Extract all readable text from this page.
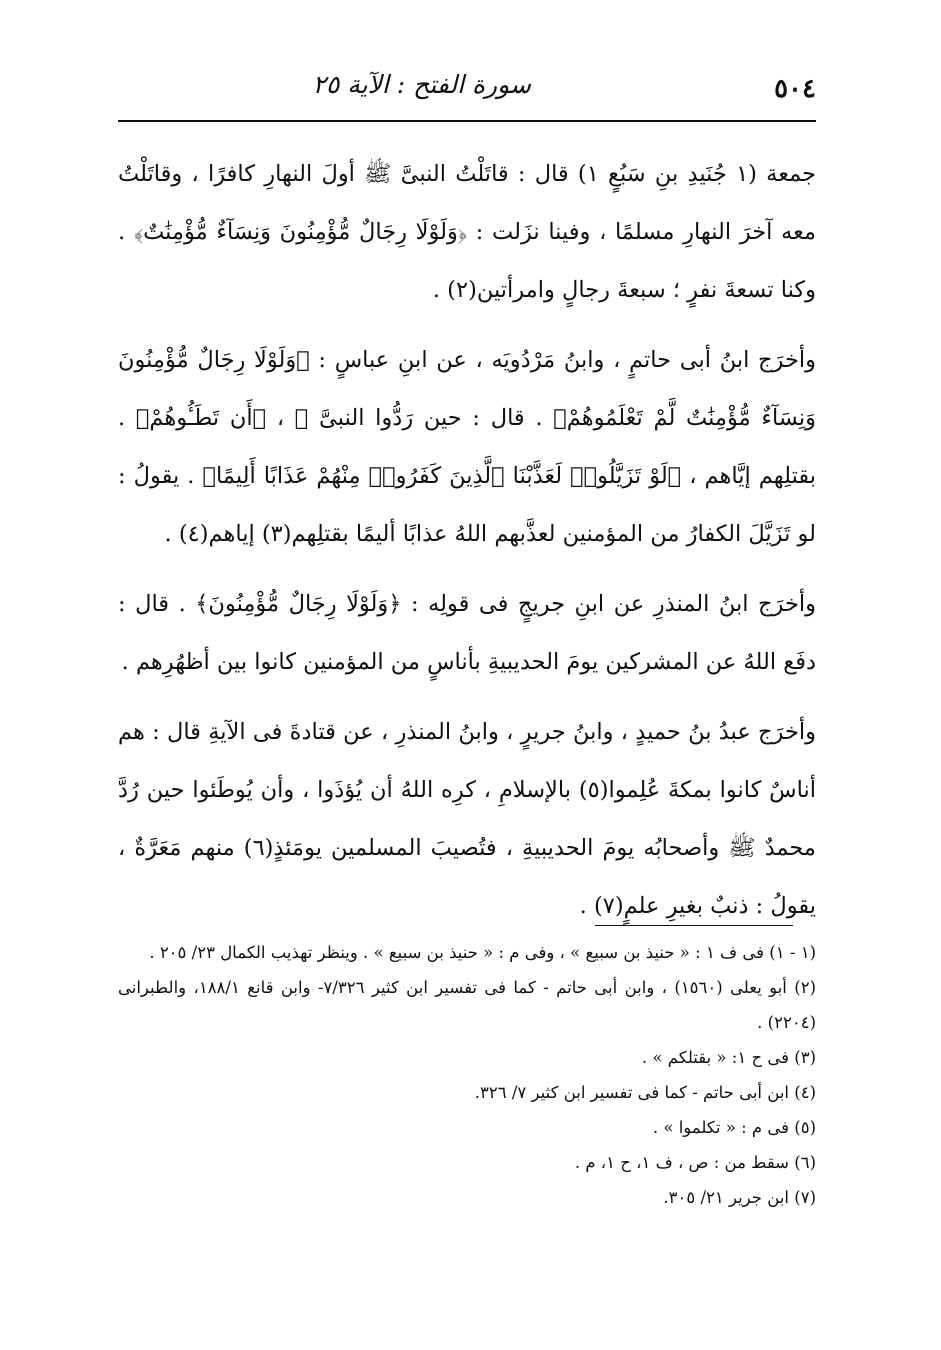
٥٠٤
سورة الفتح : الآية ٢٥

جمعة (١ جُنَيدِ بنِ سَبُعٍ ١) قال : قاتَلْتُ النبىَّ ﷺ أولَ النهارِ كافرًا ، وقاتَلْتُ معه آخرَ النهارِ مسلمًا ، وفينا نزَلت : ﴿وَلَوْلَا رِجَالٌ مُّؤْمِنُونَ وَنِسَآءٌ مُّؤْمِنَٰتٌ﴾ . وكنا تسعةَ نفرٍ ؛ سبعةَ رجالٍ وامرأتين(٢) .

وأخرَج ابنُ أبى حاتمٍ ، وابنُ مَرْدُويَه ، عن ابنِ عباسٍ : ﴿وَلَوْلَا رِجَالٌ مُّؤْمِنُونَ وَنِسَآءٌ مُّؤْمِنَٰتٌ لَّمْ تَعْلَمُوهُمْ﴾ . قال : حين رَدُّوا النبىَّ ﷺ ، ﴿أَن تَطَـُٔوهُمْ﴾ . بقتلِهم إيَّاهم ، ﴿لَوْ تَزَيَّلُوا۟ لَعَذَّبْنَا ٱلَّذِينَ كَفَرُوا۟ مِنْهُمْ عَذَابًا أَلِيمًا﴾ . يقولُ : لو تَزَيَّلَ الكفارُ من المؤمنين لعذَّبهم اللهُ عذابًا أليمًا بقتلِهم(٣) إياهم(٤) .

وأخرَج ابنُ المنذرِ عن ابنِ جريجٍ فى قولِه : ﴿وَلَوْلَا رِجَالٌ مُّؤْمِنُونَ﴾ . قال : دفَع اللهُ عن المشركين يومَ الحديبيةِ بأناسٍ من المؤمنين كانوا بين أظهُرِهم .

وأخرَج عبدُ بنُ حميدٍ ، وابنُ جريرٍ ، وابنُ المنذرِ ، عن قتادةَ فى الآيةِ قال : هم أناسٌ كانوا بمكةَ عُلِموا(٥) بالإسلامِ ، كرِه اللهُ أن يُؤذَوا ، وأن يُوطَئوا حين رُدَّ محمدٌ ﷺ وأصحابُه يومَ الحديبيةِ ، فتُصيبَ المسلمين يومَئذٍ(٦) منهم مَعَرَّةٌ ، يقولُ : ذنبٌ بغيرِ علمٍ(٧) .

(١ - ١) فى ف ١ : « حنيذ بن سبيع » ، وفى م : « حنيذ بن سبيع » . وينظر تهذيب الكمال ٢٣/ ٢٠٥ .

(٢) أبو يعلى (١٥٦٠) ، وابن أبى حاتم - كما فى تفسير ابن كثير ٧/٣٢٦- وابن قانع ١٨٨/١، والطبرانى (٢٢٠٤) .

(٣) فى ح ١: « بقتلكم » .

(٤) ابن أبى حاتم - كما فى تفسير ابن كثير ٧/ ٣٢٦.

(٥) فى م : « تكلموا » .

(٦) سقط من : ص ، ف ١، ح ١، م .

(٧) ابن جرير ٢١/ ٣٠٥.
